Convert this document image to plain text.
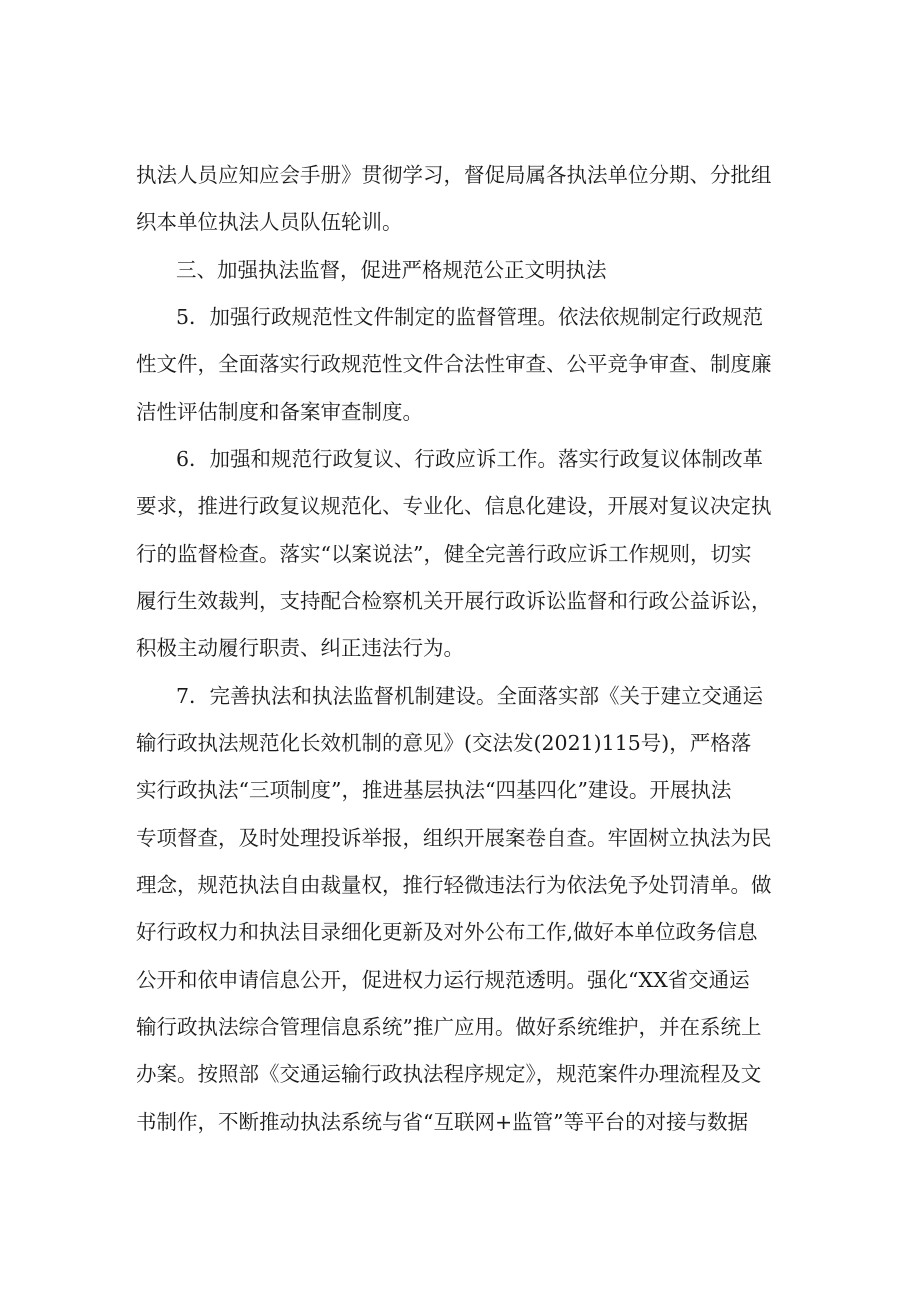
执法人员应知应会手册》贯彻学习，督促局属各执法单位分期、分批组

织本单位执法人员队伍轮训。

三、加强执法监督，促进严格规范公正文明执法

5．加强行政规范性文件制定的监督管理。依法依规制定行政规范

性文件，全面落实行政规范性文件合法性审查、公平竞争审查、制度廉

洁性评估制度和备案审查制度。

6．加强和规范行政复议、行政应诉工作。落实行政复议体制改革

要求，推进行政复议规范化、专业化、信息化建设，开展对复议决定执

行的监督检查。落实“以案说法”，健全完善行政应诉工作规则，切实

履行生效裁判，支持配合检察机关开展行政诉讼监督和行政公益诉讼，

积极主动履行职责、纠正违法行为。

7．完善执法和执法监督机制建设。全面落实部《关于建立交通运

输行政执法规范化长效机制的意见》(交法发(2021)115号)，严格落

实行政执法“三项制度”，推进基层执法“四基四化”建设。开展执法

专项督查，及时处理投诉举报，组织开展案卷自查。牢固树立执法为民

理念，规范执法自由裁量权，推行轻微违法行为依法免予处罚清单。做

好行政权力和执法目录细化更新及对外公布工作,做好本单位政务信息

公开和依申请信息公开，促进权力运行规范透明。强化“XX省交通运

输行政执法综合管理信息系统”推广应用。做好系统维护，并在系统上

办案。按照部《交通运输行政执法程序规定》，规范案件办理流程及文

书制作，不断推动执法系统与省“互联网+监管”等平台的对接与数据
